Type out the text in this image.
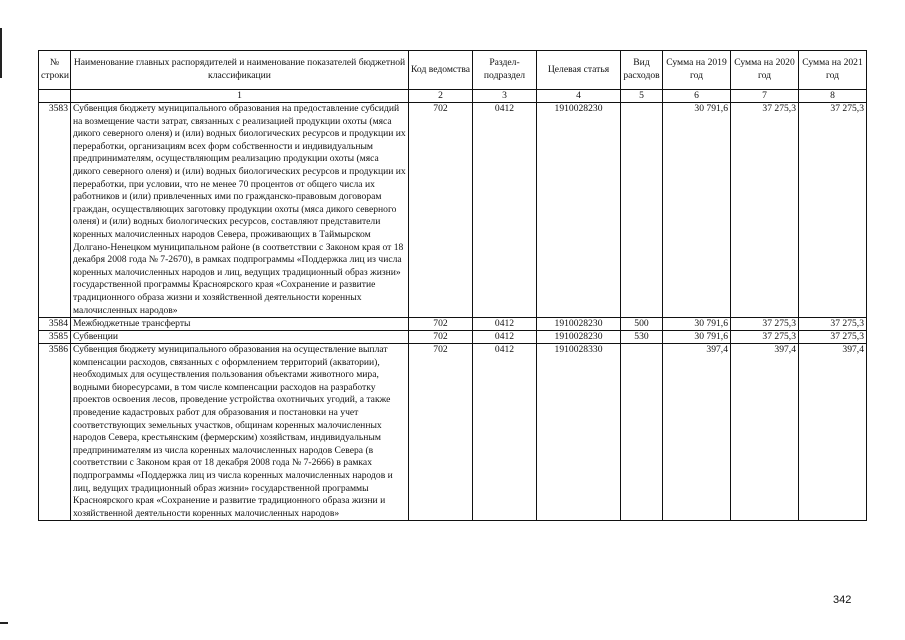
№ строки	Наименование главных распорядителей и наименование показателей бюджетной классификации	Код ведомства	Раздел-подраздел	Целевая статья	Вид расходов	Сумма на 2019 год	Сумма на 2020 год	Сумма на 2021 год
	1	2	3	4	5	6	7	8
3583	Субвенция бюджету муниципального образования на предоставление субсидий на возмещение части затрат, связанных с реализацией продукции охоты (мяса дикого северного оленя) и (или) водных биологических ресурсов и продукции их переработки, организациям всех форм собственности и индивидуальным предпринимателям, осуществляющим реализацию продукции охоты (мяса дикого северного оленя) и (или) водных биологических ресурсов и продукции их переработки, при условии, что не менее 70 процентов от общего числа их работников и (или) привлеченных ими по гражданско-правовым договорам граждан, осуществляющих заготовку продукции охоты (мяса дикого северного оленя) и (или) водных биологических ресурсов, составляют представители коренных малочисленных народов Севера, проживающих в Таймырском Долгано-Ненецком муниципальном районе (в соответствии с Законом края от 18 декабря 2008 года № 7-2670), в рамках подпрограммы «Поддержка лиц из числа коренных малочисленных народов и лиц, ведущих традиционный образ жизни» государственной программы Красноярского края «Сохранение и развитие традиционного образа жизни и хозяйственной деятельности коренных малочисленных народов»	702	0412	1910028230		30 791,6	37 275,3	37 275,3
3584	Межбюджетные трансферты	702	0412	1910028230	500	30 791,6	37 275,3	37 275,3
3585	Субвенции	702	0412	1910028230	530	30 791,6	37 275,3	37 275,3
3586	Субвенция бюджету муниципального образования на осуществление выплат компенсации расходов, связанных с оформлением территорий (акватории), необходимых для осуществления пользования объектами животного мира, водными биоресурсами, в том числе компенсации расходов на разработку проектов освоения лесов, проведение устройства охотничьих угодий, а также проведение кадастровых работ для образования и постановки на учет соответствующих земельных участков, общинам коренных малочисленных народов Севера, крестьянским (фермерским) хозяйствам, индивидуальным предпринимателям из числа коренных малочисленных народов Севера (в соответствии с Законом края от 18 декабря 2008 года № 7-2666) в рамках подпрограммы «Поддержка лиц из числа коренных малочисленных народов и лиц, ведущих традиционный образ жизни» государственной программы Красноярского края «Сохранение и развитие традиционного образа жизни и хозяйственной деятельности коренных малочисленных народов»	702	0412	1910028330		397,4	397,4	397,4
342
